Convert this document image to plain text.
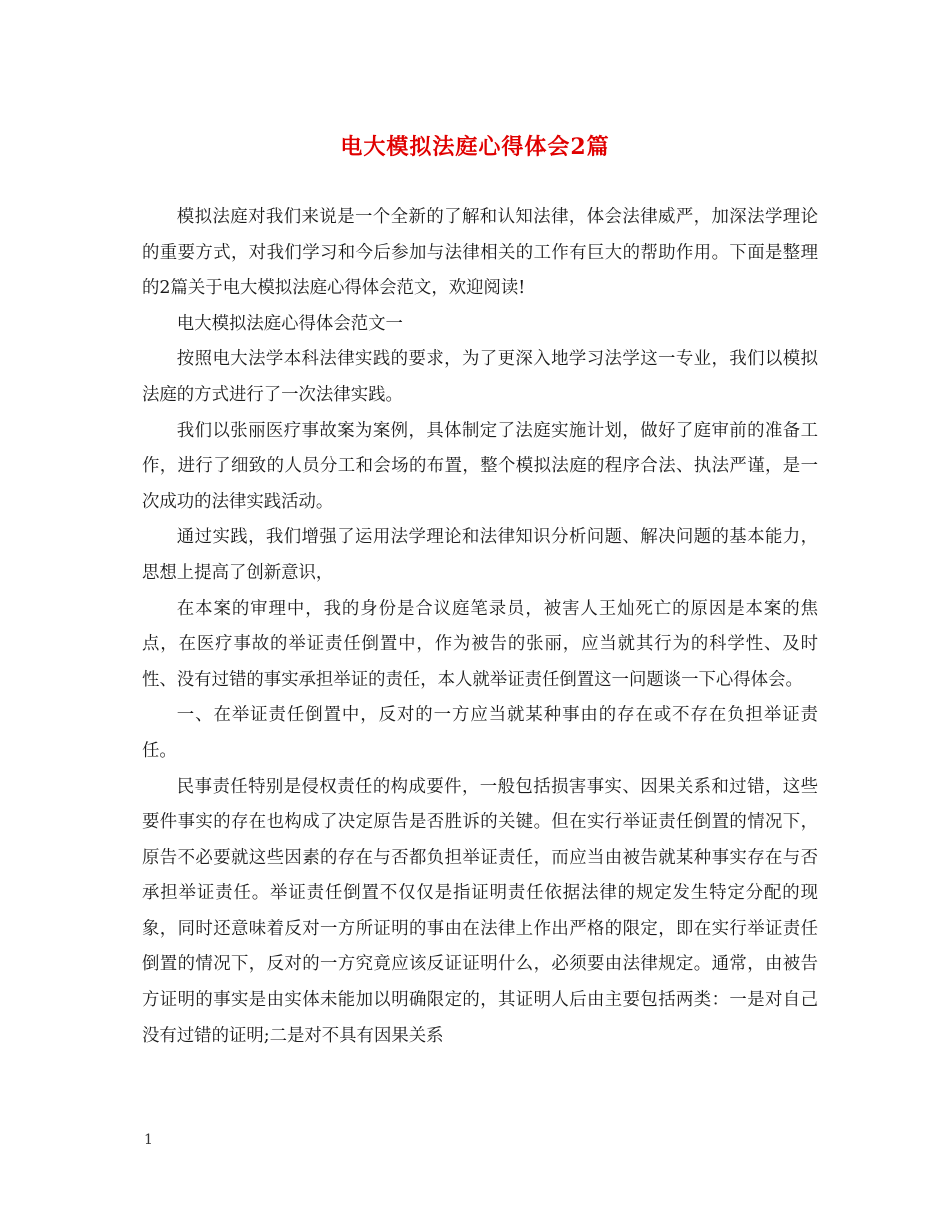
电大模拟法庭心得体会2篇

模拟法庭对我们来说是一个全新的了解和认知法律，体会法律威严，加深法学理论的重要方式，对我们学习和今后参加与法律相关的工作有巨大的帮助作用。下面是整理的2篇关于电大模拟法庭心得体会范文，欢迎阅读!

电大模拟法庭心得体会范文一

按照电大法学本科法律实践的要求，为了更深入地学习法学这一专业，我们以模拟法庭的方式进行了一次法律实践。

我们以张丽医疗事故案为案例，具体制定了法庭实施计划，做好了庭审前的准备工作，进行了细致的人员分工和会场的布置，整个模拟法庭的程序合法、执法严谨，是一次成功的法律实践活动。

通过实践，我们增强了运用法学理论和法律知识分析问题、解决问题的基本能力，思想上提高了创新意识，

在本案的审理中，我的身份是合议庭笔录员，被害人王灿死亡的原因是本案的焦点，在医疗事故的举证责任倒置中，作为被告的张丽，应当就其行为的科学性、及时性、没有过错的事实承担举证的责任，本人就举证责任倒置这一问题谈一下心得体会。

一、在举证责任倒置中，反对的一方应当就某种事由的存在或不存在负担举证责任。

民事责任特别是侵权责任的构成要件，一般包括损害事实、因果关系和过错，这些要件事实的存在也构成了决定原告是否胜诉的关键。但在实行举证责任倒置的情况下，原告不必要就这些因素的存在与否都负担举证责任，而应当由被告就某种事实存在与否承担举证责任。举证责任倒置不仅仅是指证明责任依据法律的规定发生特定分配的现象，同时还意味着反对一方所证明的事由在法律上作出严格的限定，即在实行举证责任倒置的情况下，反对的一方究竟应该反证证明什么，必须要由法律规定。通常，由被告方证明的事实是由实体未能加以明确限定的，其证明人后由主要包括两类：一是对自己没有过错的证明;二是对不具有因果关系

1
